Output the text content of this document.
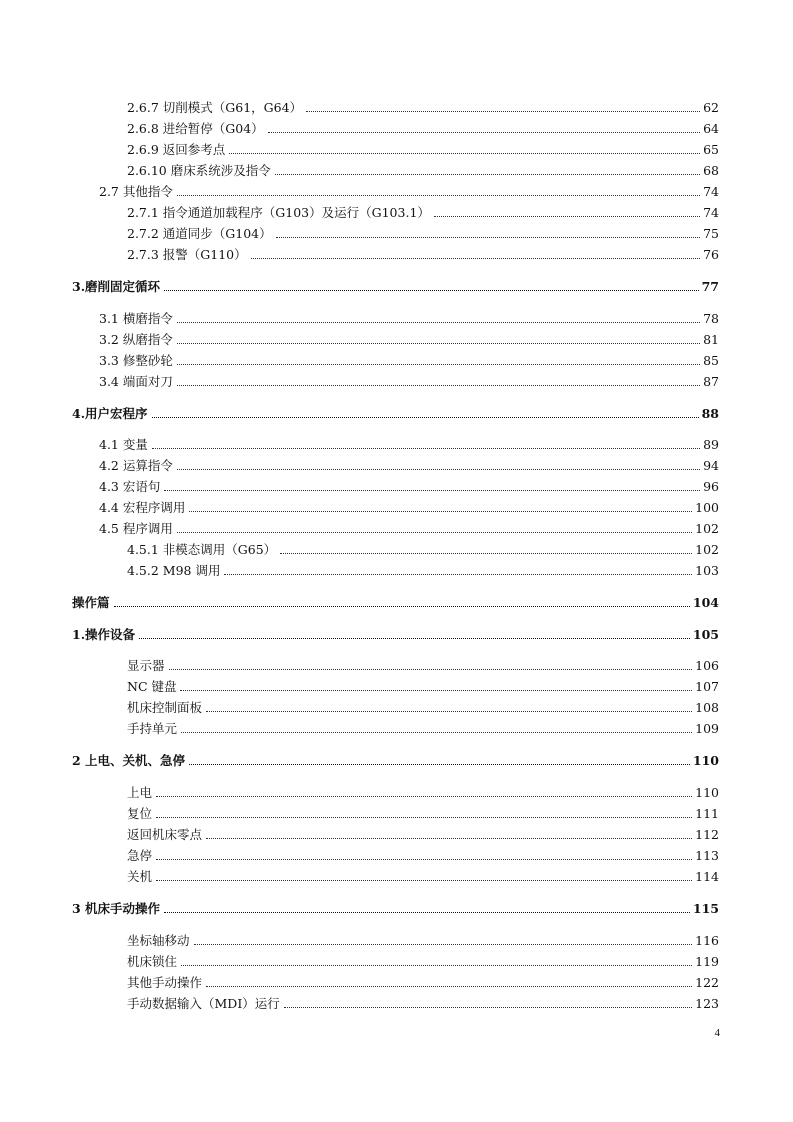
2.6.7 切削模式（G61，G64）	62
2.6.8 进给暂停（G04）	64
2.6.9 返回参考点	65
2.6.10 磨床系统涉及指令	68
2.7 其他指令	74
2.7.1 指令通道加载程序（G103）及运行（G103.1）	74
2.7.2 通道同步（G104）	75
2.7.3 报警（G110）	76
3.磨削固定循环	77
3.1 横磨指令	78
3.2 纵磨指令	81
3.3 修整砂轮	85
3.4 端面对刀	87
4.用户宏程序	88
4.1 变量	89
4.2 运算指令	94
4.3 宏语句	96
4.4 宏程序调用	100
4.5 程序调用	102
4.5.1 非模态调用（G65）	102
4.5.2 M98 调用	103
操作篇	104
1.操作设备	105
显示器	106
NC 键盘	107
机床控制面板	108
手持单元	109
2 上电、关机、急停	110
上电	110
复位	111
返回机床零点	112
急停	113
关机	114
3 机床手动操作	115
坐标轴移动	116
机床锁住	119
其他手动操作	122
手动数据输入（MDI）运行	123
4
